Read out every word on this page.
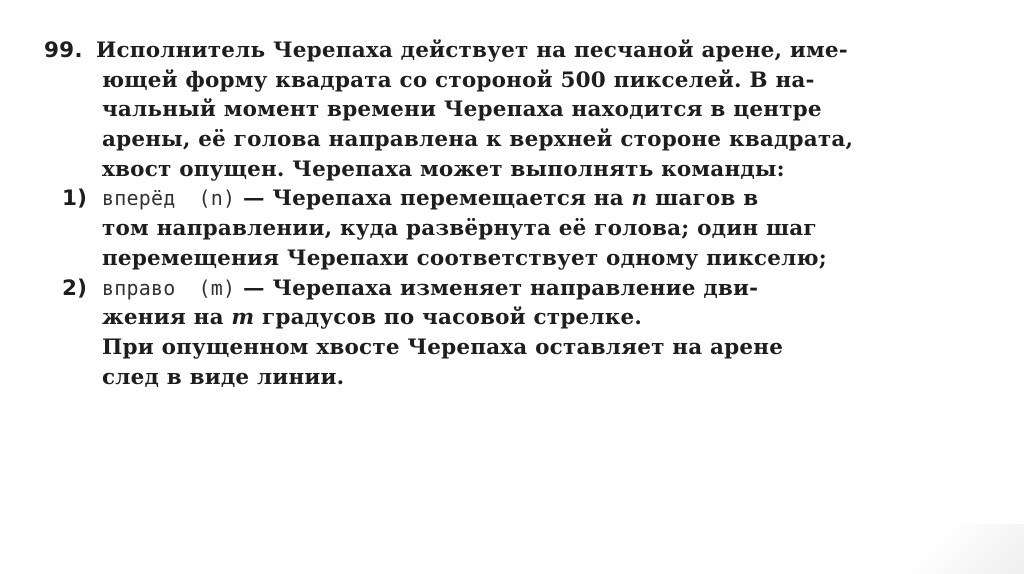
99. Исполнитель Черепаха действует на песчаной арене, име-
ющей форму квадрата со стороной 500 пикселей. В на-
чальный момент времени Черепаха находится в центре
арены, её голова направлена к верхней стороне квадрата,
хвост опущен. Черепаха может выполнять команды:
1) вперёд (n) — Черепаха перемещается на n шагов в
том направлении, куда развёрнута её голова; один шаг
перемещения Черепахи соответствует одному пикселю;
2) вправо (m) — Черепаха изменяет направление дви-
жения на m градусов по часовой стрелке.
При опущенном хвосте Черепаха оставляет на арене
след в виде линии.
